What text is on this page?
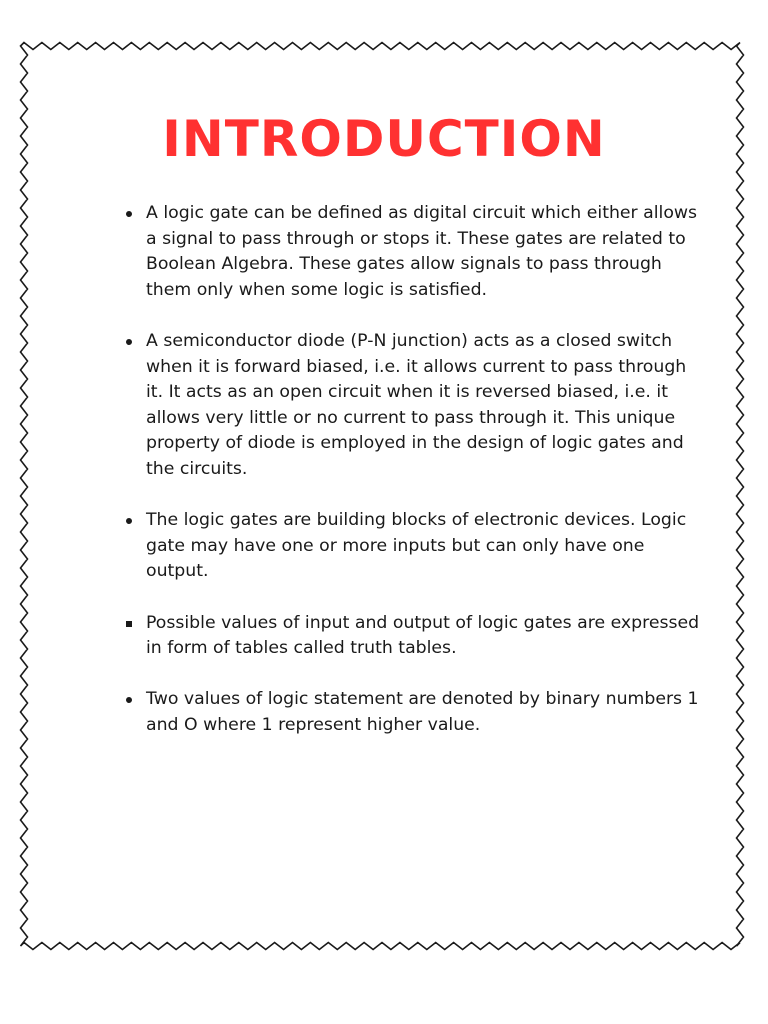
INTRODUCTION
A logic gate can be defined as digital circuit which either allows a signal to pass through or stops it. These gates are related to Boolean Algebra. These gates allow signals to pass through them only when some logic is satisfied.
A semiconductor diode (P-N junction) acts as a closed switch when it is forward biased, i.e. it allows current to pass through it. It acts as an open circuit when it is reversed biased, i.e. it allows very little or no current to pass through it. This unique property of diode is employed in the design of logic gates and the circuits.
The logic gates are building blocks of electronic devices. Logic gate may have one or more inputs but can only have one output.
Possible values of input and output of logic gates are expressed in form of tables called truth tables.
Two values of logic statement are denoted by binary numbers 1 and O where 1 represent higher value.
